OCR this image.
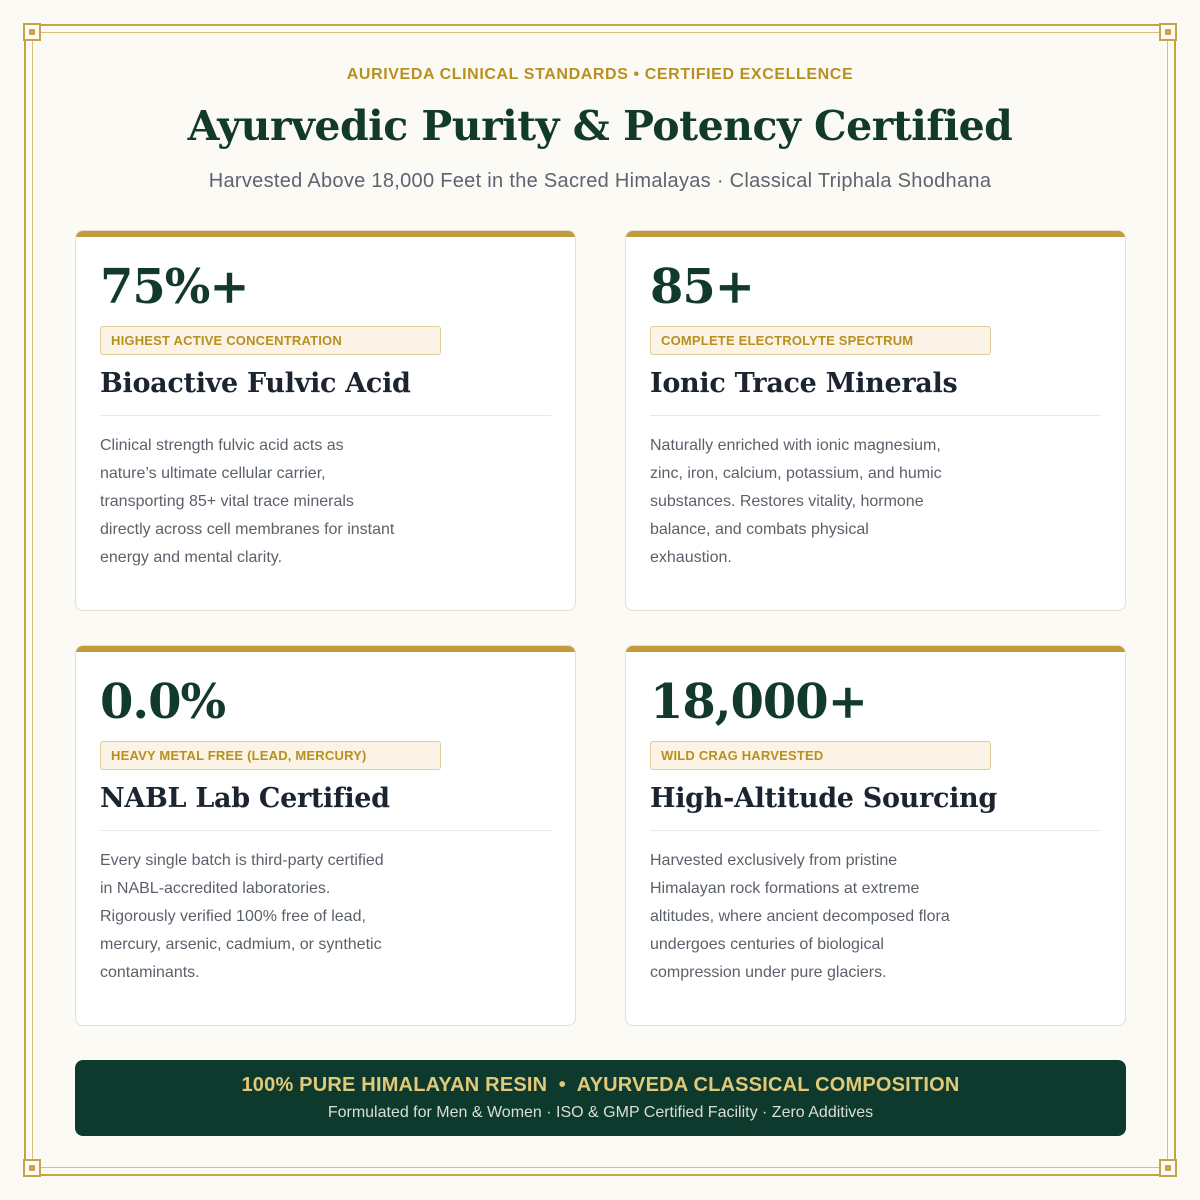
AURIVEDA CLINICAL STANDARDS • CERTIFIED EXCELLENCE
Ayurvedic Purity & Potency Certified
Harvested Above 18,000 Feet in the Sacred Himalayas · Classical Triphala Shodhana
75%+
HIGHEST ACTIVE CONCENTRATION
Bioactive Fulvic Acid
Clinical strength fulvic acid acts as nature’s ultimate cellular carrier, transporting 85+ vital trace minerals directly across cell membranes for instant energy and mental clarity.
85+
COMPLETE ELECTROLYTE SPECTRUM
Ionic Trace Minerals
Naturally enriched with ionic magnesium, zinc, iron, calcium, potassium, and humic substances. Restores vitality, hormone balance, and combats physical exhaustion.
0.0%
HEAVY METAL FREE (LEAD, MERCURY)
NABL Lab Certified
Every single batch is third-party certified in NABL-accredited laboratories. Rigorously verified 100% free of lead, mercury, arsenic, cadmium, or synthetic contaminants.
18,000+
WILD CRAG HARVESTED
High-Altitude Sourcing
Harvested exclusively from pristine Himalayan rock formations at extreme altitudes, where ancient decomposed flora undergoes centuries of biological compression under pure glaciers.
100% PURE HIMALAYAN RESIN  •  AYURVEDA CLASSICAL COMPOSITION
Formulated for Men & Women · ISO & GMP Certified Facility · Zero Additives
